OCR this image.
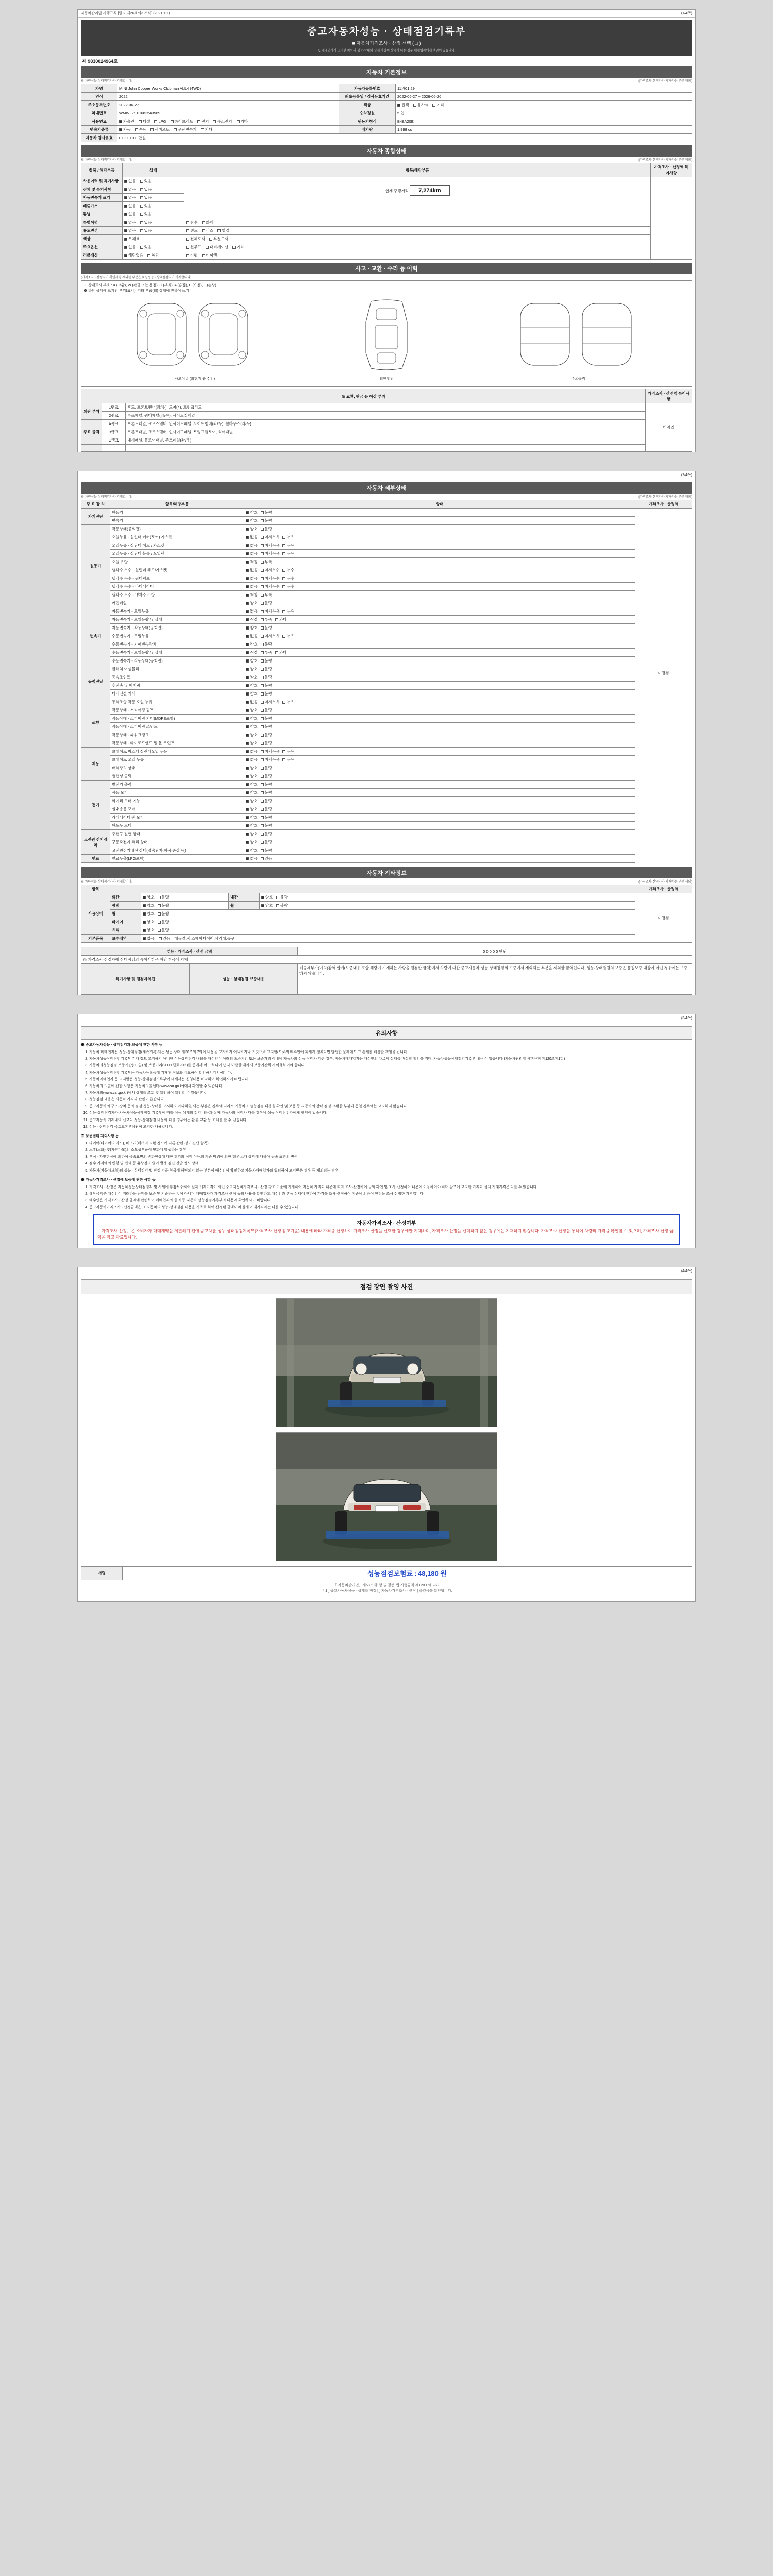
자동차관리법 시행규칙 [별지 제26호의3 서식] (2021.1.1)	(1/4쪽)
중고자동차성능 · 상태점검기록부
■ 자동차가격조사 · 산정 선택 ( □ )
※ 매매업자가 고지한 차량의 성능·상태와 실제 차량의 상태가 다른 경우 매매업자에게 책임이 있습니다.
제 9830024964호
자동차 기본정보
※ 차량성능·상태점검자가 기재합니다.	(가격조사·산정자가 기재하는 부분 제외)
차명	MINI John Cooper Works Clubman ALL4 (4WD)	자동차등록번호	11과01 29
연식	2022	최초등록일 / 검사유효기간	2022-06-27 ~ 2026-06-26
주소등록번호	2022-06-27	색상	원색 유사색 기타
차대번호	WMWLZ910X82543569	승차정원	5 인
사용연료	가솔린 디젤 LPG 하이브리드 전기 수소전기 기타	원동기형식	B48A20E
변속기종류	자동 수동 세미오토 무단변속기 기타	배기량	1,998 cc
자동차 검사유효	0 0 0 0 0 0 만원		
자동차 종합상태
※ 차량성능·상태점검자가 기재합니다.	(가격조사·산정자가 기재하는 부분 제외)
항목 / 해당부품	상태	항목/해당부품	가격조사 · 산정액 특이사항
사용이력 및 특기사항	없음 있음	현재 주행거리 7,274km	

전체 및 특기사항	없음 있음		
자동변속기 표기	없음 있음		
배출가스	없음 있음		
튜닝	없음 있음		
특별이력	없음 있음	침수 화재	
용도변경	없음 있음	렌트 리스 영업	
색상	무채색	전체도색 부분도색	
주요옵션	없음 있음	선루프 내비게이션 기타	
리콜대상	해당없음 해당	이행 미이행	
사고 · 교환 · 수리 등 이력
(가격조사 · 산정자가 확인사항 제외한 부분은 차량성능 · 상태점검자가 기재합니다)
※ 상태표시 부호 : X (교환), W (판금 또는 용접), C (부식), A (흠집), U (요철), T (손상)
※ 하단 상태에 표기된 부위(표시), 기타 부품(외) 상태에 관하여 표기
사고이력 (외판/부품 수리)	외판부위	주요골격
※ 교환, 판금 등 이상 부위			가격조사 · 산정액 특이사항
외판 부위	1랭크	후드, 프론트펜더(좌/우), 도어(4), 트렁크리드	미점검
	2랭크	루프패널, 쿼터패널(좌/우), 사이드실패널	
주요 골격	A랭크	프론트패널, 크로스멤버, 인사이드패널, 사이드멤버(좌/우), 휠하우스(좌/우)	
	B랭크	프론트패널, 크로스멤버, 인사이드패널, 트렁크플로어, 리어패널	
	C랭크	대시패널, 플로어패널, 루프레일(좌/우)	

(2/4쪽)
자동차 세부상태
※ 차량성능·상태점검자가 기재합니다.	(가격조사·산정자가 기재하는 부분 제외)
주 요 장 치	항목/해당부품	상태	가격조사 · 산정액
자기진단	원동기	양호 불량	미점검
	변속기	양호 불량	
원동기	작동상태(공회전)	양호 불량	
	오일누유 - 실린더 커버(로커) 가스켓	없음 미세누유 누유	
	오일누유 - 실린더 헤드 / 가스켓	없음 미세누유 누유	
	오일누유 - 실린더 블록 / 오일팬	없음 미세누유 누유	
	오일 유량	적정 부족	
	냉각수 누수 - 실린더 헤드/가스켓	없음 미세누수 누수	
	냉각수 누수 - 워터펌프	없음 미세누수 누수	
	냉각수 누수 - 라디에이터	없음 미세누수 누수	
	냉각수 누수 - 냉각수 수량	적정 부족	
	커먼레일	양호 불량	
변속기	자동변속기 - 오일누유	없음 미세누유 누유	
	자동변속기 - 오일유량 및 상태	적정 부족 과다	
	자동변속기 - 작동상태(공회전)	양호 불량	
	수동변속기 - 오일누유	없음 미세누유 누유	
	수동변속기 - 기어변속장치	양호 불량	
	수동변속기 - 오일유량 및 상태	적정 부족 과다	
	수동변속기 - 작동상태(공회전)	양호 불량	
동력전달	클러치 어셈블리	양호 불량	
	등속조인트	양호 불량	
	추진축 및 베어링	양호 불량	
	디퍼렌셜 기어	양호 불량	
조향	동력조향 작동 오일 누유	없음 미세누유 누유	
	작동상태 - 스티어링 펌프	양호 불량	
	작동상태 - 스티어링 기어(MDPS포함)	양호 불량	
	작동상태 - 스티어링 조인트	양호 불량	
	작동상태 - 파워크랭크	양호 불량	
	작동상태 - 타이로드엔드 및 볼 조인트	양호 불량	
제동	브레이크 마스터 실린더오일 누유	없음 미세누유 누유	
	브레이크 오일 누유	없음 미세누유 누유	
	배력장치 상태	양호 불량	
	밸런싱 출력	양호 불량	
전기	발전기 출력	양호 불량	
	시동 모터	양호 불량	
	와이퍼 모터 기능	양호 불량	
	실내송풍 모터	양호 불량	
	라디에이터 팬 모터	양호 불량	
	윈도우 모터	양호 불량	
고전원 전기장치	충전구 절연 상태	양호 불량	
	구동축전지 격리 상태	양호 불량	
	고전원전기배선 상태(접속단자,피복,손상 등)	양호 불량	
연료	연료누출(LPG포함)	없음 있음	
자동차 기타정보
※ 차량성능·상태점검자가 기재합니다.	(가격조사·산정자가 기재하는 부분 제외)
항목					가격조사 · 산정액
사용상태	외관	양호 불량	내관	양호 불량	미점검
	광택	양호 불량	휠	양호 불량	
	휠	양호 불량			
	타이어	양호 불량			
	유리	양호 불량			
기본품목	보수내역	없음 있음 매뉴얼,잭,스페어타이어,삼각대,공구			
성능 · 가격조사 · 산정 금액		0 0 0 0 0 만원
※ 가격조사·산정자에 상태점검의 특이사항은 해당 항목에 기재		
특기사항 및 점검자의견	성능 · 상태점검 보증내용	비공제부가(가치)감액 합계(보증내용 포함 해당기 기재하는 사항을 점검한 금액)에서 차량에 대한 중고자동차 성능·상태점검의 보증에서 제외되는 부분을 제외한 금액입니다. 성능·상태점검의 보증은 품질보증 대상이 아닌 경우에는 보증하지 않습니다.

(3/4쪽)
유의사항
※ 중고자동차성능 · 상태점검과 보증에 관한 사항 등
1. 자동차 매매업자는 성능·상태점검(계속기록)되는 성능·상태 제30조의 7의에 내용을 고지하기 아니하거나 거짓으로 고지할(으로써 매수인에 피해가 생겼다면 발생한 문제에도 그 손해를 배상할 책임을 집니다.
2. 자동차성능상태점검기록부 기재 정도 고지하기 아니한 성능상태점검 내용을 매수인이 아래의 보증기간 또는 보증거리 이내에 자동차의 성능·상태가 다른 경우, 자동차매매업자는 매수인의 차로서 상태를 배상할 책임을 지며, 자동차성능상태점검기록부 내용 수 있습니다.(자동차관리법 시행규칙 제120조제1항)
3. 자동차의성능점검 보증기간(30 일) 및 보증거리(2000 킬로미터)를 중에서 어느 하나가 먼저 도달할 때까지 보증기간하여 이행하여야 합니다.
4. 자동차성능상태점검기록부는 자동차등록증에 기재된 정보와 비교하여 확인하시기 바랍니다.
5. 자동차매매업자 등 고지받은 성능·상태점검기록부에 대해서는 신청내용 비교하여 확인하시기 바랍니다.
6. 자동차의 리콜에 관한 사항은 자동차리콜센터(www.car.go.kr)에서 확인할 수 있습니다.
7. 자동차의(www.car.go.kr)에서 상태를 조회 및 확인하여 확인할 수 있습니다.
8. 성능점검 내용은 자동차 가격과 관련이 없습니다.
9. 중고자동차의 구조·장치 등의 점검 성능·상태를 고지하지 아니하였 되는 부분은 경우에 따라서 자동차의 성능점검 내용을 확인 및 보증 등 자동차의 상태 점검 교환한 부분과 동일 경우에는 고지하지 않습니다.
10. 성능·상태점검자가 자동차성능상태점검 기록부에 따라 성능·상태의 점검 내용과 실제 자동차의 상태가 다를 경우에 성능·상태점검자에게 책임이 있습니다.
11. 중고자동차 거래내역 신고와 성능·상태점검 내용이 다를 경우에는 환불·교환 등 조치를 할 수 있습니다.
12. 성능 · 상태점검 국토교통부장관이 고지한 내용입니다.
※ 보증범위 제외사항 등
1. 타이어(타이어의 마모), 배터리(배터리 교환 정도에 따른 관련 정도 진단 항목)
2. 노후(노화) 및(자연마모)의 소모성부품이 변화에 발생하는 경우
3. 부식 · 자연현상에 의하여 금속표면의 변화현상에 대한 경위의 상태 성능의 기준 범위에 의한 경우 소재 상태에 대하여 금속 표면의 변색
4. 점수 가격에의 변형 및 변색 등 유상정의 없이 발생 검진 진단 정도 상태
5. 자동차(자동차보험)의 성능 · 상태점검 및 판정 기준 항목에 해당되지 않는 부분이 매수인이 확인하고 자동차매매업자와 협의하여 고지받은 경우 등 제외되는 경우
※ 자동차가격조사 · 산정에 보증에 관한 사항 등
1. 가격조사 · 산정은 자동차성능상태점검자 및 시세에 통감보중하여 실제 거래가격이 아닌 중고자동차가격조사 · 산정 참조 기준에 기재하여 자동차 가격과 내용에 따라 조사·산정하여 금액 확인 및 조사·산정하여 내용에 이용하여야 하며 참조에 고지한 가격과 실제 거래가격은 다를 수 있습니다.
2. 해당금액은 매수인이 거래하는 금액을 보증 및 기준하는 것이 아니며 매매업자가 가격조사 산정 등의 내용을 확인하고 매수인과 혼동 상태에 관하여 가격을 조사·산정하여 기준에 의하여 판정을 조사·산정한 가격입니다.
3. 매수인은 가격조사 · 산정 금액에 관련하여 매매업자와 협의 등 자동차 성능점검기록부의 내용에 확인하시기 바랍니다.
4. 중고자동차가격조사 · 산정금액은 그 자동차의 성능·상태점검 내용을 기초로 하여 산정된 금액이며 실제 거래가격과는 다를 수 있습니다.
자동차가격조사 · 산정여부
「가격조사·산정」은 소비자가 매매계약을 체결하기 전에 중고차를 성능·상태점검기록부(가격조사·산정 참조기준) 내용에 따라 가격을 산정하여 가격조사·산정을 선택한 경우에만 기재하며, 가격조사·산정을 선택하지 않은 경우에는 기재하지 않습니다. 가격조사·산정을 통하여 차량의 가격을 확인할 수 있으며, 가격조사·산정 금액은 참고 자료입니다.

(4/4쪽)
점검 장면 촬영 사진
서명	성능점검보험료 : 48,180 원
「 자동차관리법」제58조제1항 및 같은 법 시행규칙 제120조에 따라
「 1 ] 중고자동차성능 · 상태를 점검 [ ] 자동차가격조사 · 산정 ] 하였음을 확인합니다.
